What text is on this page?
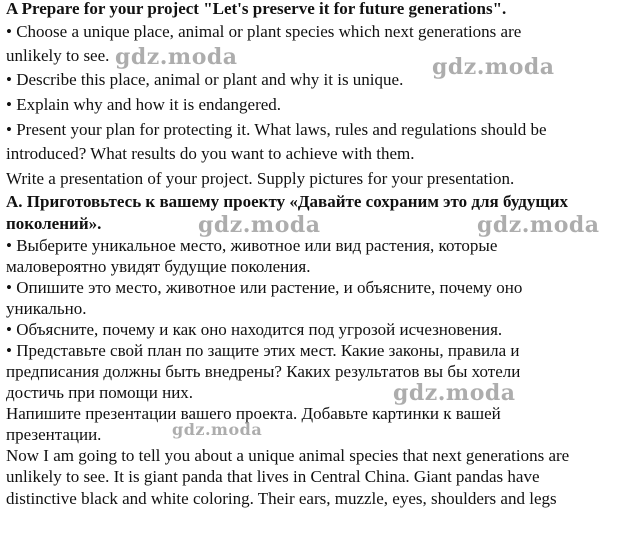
A Prepare for your project "Let's preserve it for future generations".
• Choose a unique place, animal or plant species which next generations are
unlikely to see.
• Describe this place, animal or plant and why it is unique.
• Explain why and how it is endangered.
• Present your plan for protecting it. What laws, rules and regulations should be
introduced? What results do you want to achieve with them.
Write a presentation of your project. Supply pictures for your presentation.
A. Приготовьтесь к вашему проекту «Давайте сохраним это для будущих
поколений».
• Выберите уникальное место, животное или вид растения, которые
маловероятно увидят будущие поколения.
• Опишите это место, животное или растение, и объясните, почему оно
уникально.
• Объясните, почему и как оно находится под угрозой исчезновения.
• Представьте свой план по защите этих мест. Какие законы, правила и
предписания должны быть внедрены? Каких результатов вы бы хотели
достичь при помощи них.
Напишите презентации вашего проекта. Добавьте картинки к вашей
презентации.
Now I am going to tell you about a unique animal species that next generations are
unlikely to see. It is giant panda that lives in Central China. Giant pandas have
distinctive black and white coloring. Their ears, muzzle, eyes, shoulders and legs
gdz.moda	gdz.moda
gdz.moda	gdz.moda
gdz.moda
gdz.moda
